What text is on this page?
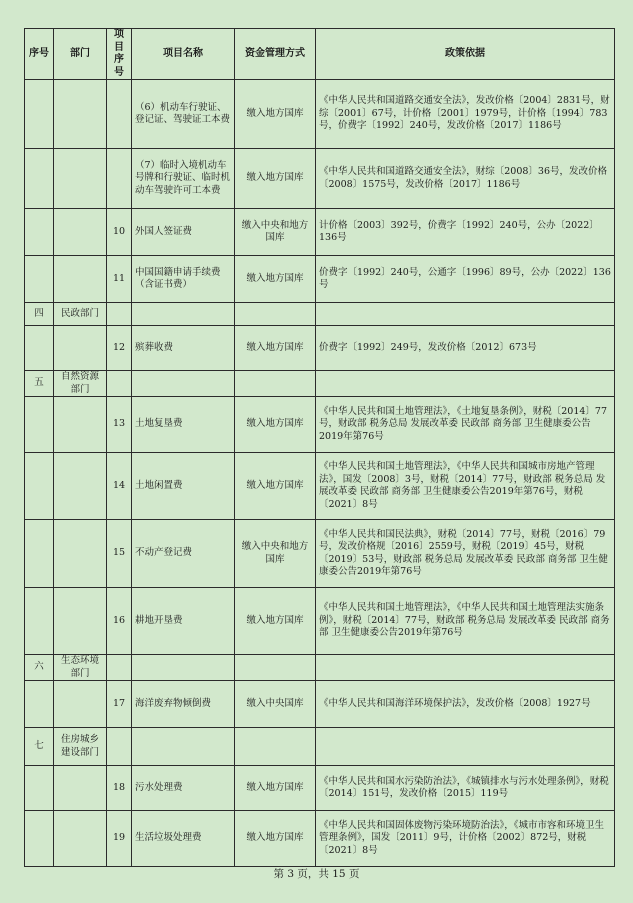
序号	部门	项目序号	项目名称	资金管理方式	政策依据
			（6）机动车行驶证、登记证、驾驶证工本费	缴入地方国库	《中华人民共和国道路交通安全法》，发改价格〔2004〕2831号，财综〔2001〕67号，计价格〔2001〕1979号，计价格〔1994〕783号，价费字〔1992〕240号，发改价格〔2017〕1186号
			（7）临时入境机动车号牌和行驶证、临时机动车驾驶许可工本费	缴入地方国库	《中华人民共和国道路交通安全法》，财综〔2008〕36号，发改价格〔2008〕1575号，发改价格〔2017〕1186号
		10	外国人签证费	缴入中央和地方国库	计价格〔2003〕392号，价费字〔1992〕240号，公办〔2022〕136号
		11	中国国籍申请手续费（含证书费）	缴入地方国库	价费字〔1992〕240号，公通字〔1996〕89号，公办〔2022〕136号
四	民政部门				
		12	殡葬收费	缴入地方国库	价费字〔1992〕249号，发改价格〔2012〕673号
五	自然资源部门				
		13	土地复垦费	缴入地方国库	《中华人民共和国土地管理法》，《土地复垦条例》，财税〔2014〕77号，财政部 税务总局 发展改革委 民政部 商务部 卫生健康委公告2019年第76号
		14	土地闲置费	缴入地方国库	《中华人民共和国土地管理法》，《中华人民共和国城市房地产管理法》，国发〔2008〕3号，财税〔2014〕77号，财政部 税务总局 发展改革委 民政部 商务部 卫生健康委公告2019年第76号，财税〔2021〕8号
		15	不动产登记费	缴入中央和地方国库	《中华人民共和国民法典》，财税〔2014〕77号，财税〔2016〕79号，发改价格规〔2016〕2559号，财税〔2019〕45号，财税〔2019〕53号，财政部 税务总局 发展改革委 民政部 商务部 卫生健康委公告2019年第76号
		16	耕地开垦费	缴入地方国库	《中华人民共和国土地管理法》，《中华人民共和国土地管理法实施条例》，财税〔2014〕77号，财政部 税务总局 发展改革委 民政部 商务部 卫生健康委公告2019年第76号
六	生态环境部门				
		17	海洋废弃物倾倒费	缴入中央国库	《中华人民共和国海洋环境保护法》，发改价格〔2008〕1927号
七	住房城乡建设部门				
		18	污水处理费	缴入地方国库	《中华人民共和国水污染防治法》，《城镇排水与污水处理条例》，财税〔2014〕151号，发改价格〔2015〕119号
		19	生活垃圾处理费	缴入地方国库	《中华人民共和国固体废物污染环境防治法》，《城市市容和环境卫生管理条例》，国发〔2011〕9号，计价格〔2002〕872号，财税〔2021〕8号
第 3 页，共 15 页
